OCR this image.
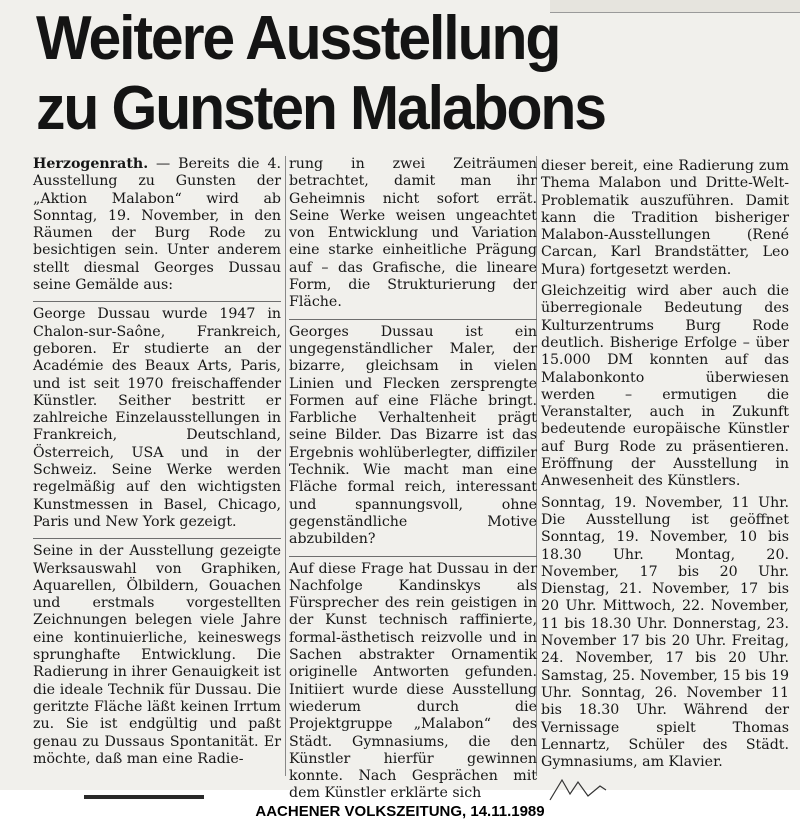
Weitere Ausstellung
zu Gunsten Malabons

Herzogenrath. — Bereits die 4. Ausstellung zu Gunsten der „Aktion Malabon“ wird ab Sonntag, 19. November, in den Räumen der Burg Rode zu besichtigen sein. Unter anderem stellt diesmal Georges Dussau seine Gemälde aus:

George Dussau wurde 1947 in Chalon-sur-Saône, Frankreich, geboren. Er studierte an der Académie des Beaux Arts, Paris, und ist seit 1970 freischaffender Künstler. Seither bestritt er zahlreiche Einzelausstellungen in Frankreich, Deutschland, Österreich, USA und in der Schweiz. Seine Werke werden regelmäßig auf den wichtigsten Kunstmessen in Basel, Chicago, Paris und New York gezeigt.

Seine in der Ausstellung gezeigte Werksauswahl von Graphiken, Aquarellen, Ölbildern, Gouachen und erstmals vorgestellten Zeichnungen belegen viele Jahre eine kontinuierliche, keineswegs sprunghafte Entwicklung. Die Radierung in ihrer Genauigkeit ist die ideale Technik für Dussau. Die geritzte Fläche läßt keinen Irrtum zu. Sie ist endgültig und paßt genau zu Dussaus Spontanität. Er möchte, daß man eine Radie-

rung in zwei Zeiträumen betrachtet, damit man ihr Geheimnis nicht sofort errät. Seine Werke weisen ungeachtet von Entwicklung und Variation eine starke einheitliche Prägung auf – das Grafische, die lineare Form, die Strukturierung der Fläche.

Georges Dussau ist ein ungegenständlicher Maler, der bizarre, gleichsam in vielen Linien und Flecken zersprengte Formen auf eine Fläche bringt. Farbliche Verhaltenheit prägt seine Bilder. Das Bizarre ist das Ergebnis wohlüberlegter, diffiziler Technik. Wie macht man eine Fläche formal reich, interessant und spannungsvoll, ohne gegenständliche Motive abzubilden?

Auf diese Frage hat Dussau in der Nachfolge Kandinskys als Fürsprecher des rein geistigen in der Kunst technisch raffinierte, formal-ästhetisch reizvolle und in Sachen abstrakter Ornamentik originelle Antworten gefunden. Initiiert wurde diese Ausstellung wiederum durch die Projektgruppe „Malabon“ des Städt. Gymnasiums, die den Künstler hierfür gewinnen konnte. Nach Gesprächen mit dem Künstler erklärte sich

dieser bereit, eine Radierung zum Thema Malabon und Dritte-Welt-Problematik auszuführen. Damit kann die Tradition bisheriger Malabon-Ausstellungen (René Carcan, Karl Brandstätter, Leo Mura) fortgesetzt werden.

Gleichzeitig wird aber auch die überregionale Bedeutung des Kulturzentrums Burg Rode deutlich. Bisherige Erfolge – über 15.000 DM konnten auf das Malabonkonto überwiesen werden – ermutigen die Veranstalter, auch in Zukunft bedeutende europäische Künstler auf Burg Rode zu präsentieren. Eröffnung der Ausstellung in Anwesenheit des Künstlers.

Sonntag, 19. November, 11 Uhr. Die Ausstellung ist geöffnet Sonntag, 19. November, 10 bis 18.30 Uhr. Montag, 20. November, 17 bis 20 Uhr. Dienstag, 21. November, 17 bis 20 Uhr. Mittwoch, 22. November, 11 bis 18.30 Uhr. Donnerstag, 23. November 17 bis 20 Uhr. Freitag, 24. November, 17 bis 20 Uhr. Samstag, 25. November, 15 bis 19 Uhr. Sonntag, 26. November 11 bis 18.30 Uhr. Während der Vernissage spielt Thomas Lennartz, Schüler des Städt. Gymnasiums, am Klavier.

AACHENER VOLKSZEITUNG, 14.11.1989
